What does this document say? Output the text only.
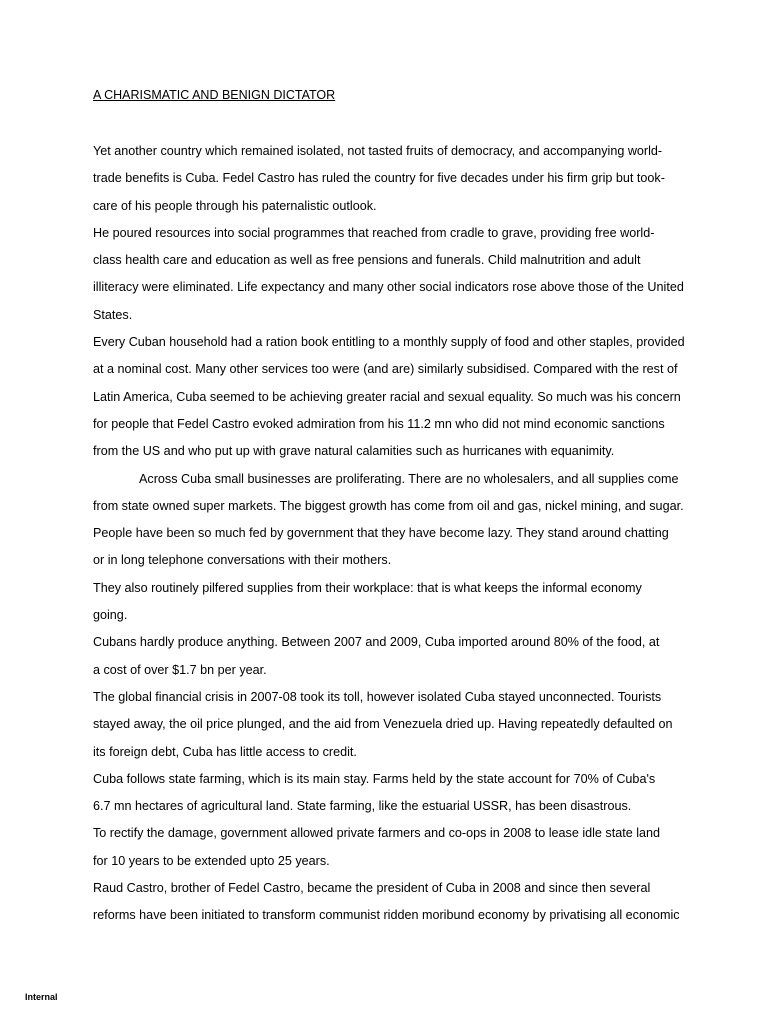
A CHARISMATIC AND BENIGN DICTATOR
Yet another country which remained isolated, not tasted fruits of democracy, and accompanying world-
trade benefits is Cuba. Fedel Castro has ruled the country for five decades under his firm grip but took-
care of his people through his paternalistic outlook.
He poured resources into social programmes that reached from cradle to grave, providing free world-
class health care and education as well as free pensions and funerals. Child malnutrition and adult
illiteracy were eliminated. Life expectancy and many other social indicators rose above those of the United
States.
Every Cuban household had a ration book entitling to a monthly supply of food and other staples, provided
at a nominal cost. Many other services too were (and are) similarly subsidised. Compared with the rest of
Latin America, Cuba seemed to be achieving greater racial and sexual equality. So much was his concern
for people that Fedel Castro evoked admiration from his 11.2 mn who did not mind economic sanctions
from the US and who put up with grave natural calamities such as hurricanes with equanimity.
Across Cuba small businesses are proliferating. There are no wholesalers, and all supplies come
from state owned super markets. The biggest growth has come from oil and gas, nickel mining, and sugar.
People have been so much fed by government that they have become lazy. They stand around chatting
or in long telephone conversations with their mothers.
They also routinely pilfered supplies from their workplace: that is what keeps the informal economy
going.
Cubans hardly produce anything. Between 2007 and 2009, Cuba imported around 80% of the food, at
a cost of over $1.7 bn per year.
The global financial crisis in 2007-08 took its toll, however isolated Cuba stayed unconnected. Tourists
stayed away, the oil price plunged, and the aid from Venezuela dried up. Having repeatedly defaulted on
its foreign debt, Cuba has little access to credit.
Cuba follows state farming, which is its main stay. Farms held by the state account for 70% of Cuba's
6.7 mn hectares of agricultural land. State farming, like the estuarial USSR, has been disastrous.
To rectify the damage, government allowed private farmers and co-ops in 2008 to lease idle state land
for 10 years to be extended upto 25 years.
Raud Castro, brother of Fedel Castro, became the president of Cuba in 2008 and since then several
reforms have been initiated to transform communist ridden moribund economy by privatising all economic
Internal
